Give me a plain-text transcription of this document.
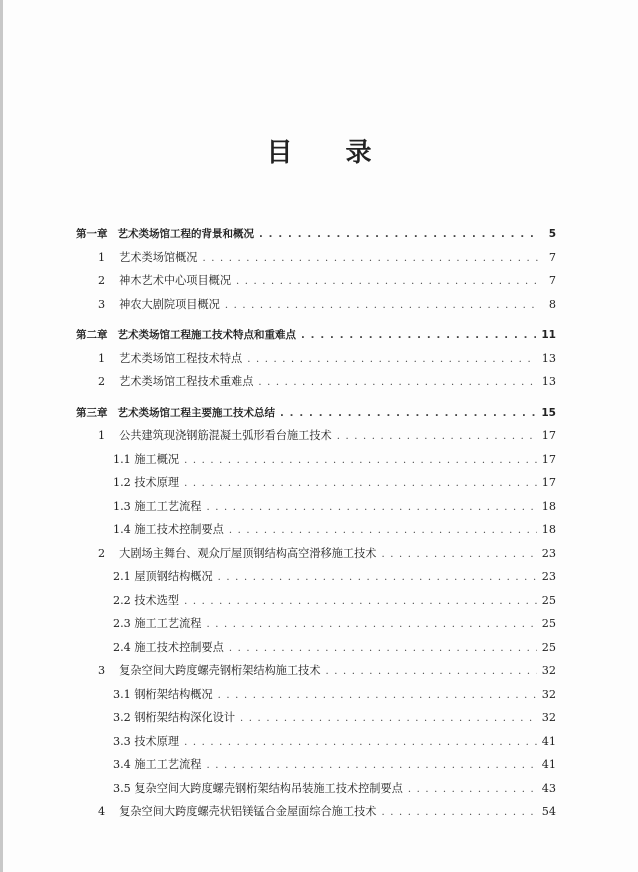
目 录
第一章 艺术类场馆工程的背景和概况 . . .	5
1 艺术类场馆概况 . . .	7
2 神木艺术中心项目概况 . . .	7
3 神农大剧院项目概况 . . .	8
第二章 艺术类场馆工程施工技术特点和重难点 . . .	11
1 艺术类场馆工程技术特点 . . .	13
2 艺术类场馆工程技术重难点 . . .	13
第三章 艺术类场馆工程主要施工技术总结 . . .	15
1 公共建筑现浇钢筋混凝土弧形看台施工技术 . . .	17
1.1 施工概况 . . .	17
1.2 技术原理 . . .	17
1.3 施工工艺流程 . . .	18
1.4 施工技术控制要点 . . .	18
2 大剧场主舞台、观众厅屋顶钢结构高空滑移施工技术 . . .	23
2.1 屋顶钢结构概况 . . .	23
2.2 技术选型 . . .	25
2.3 施工工艺流程 . . .	25
2.4 施工技术控制要点 . . .	25
3 复杂空间大跨度螺壳钢桁架结构施工技术 . . .	32
3.1 钢桁架结构概况 . . .	32
3.2 钢桁架结构深化设计 . . .	32
3.3 技术原理 . . .	41
3.4 施工工艺流程 . . .	41
3.5 复杂空间大跨度螺壳钢桁架结构吊装施工技术控制要点 . . .	43
4 复杂空间大跨度螺壳状铝镁锰合金屋面综合施工技术 . . .	54
